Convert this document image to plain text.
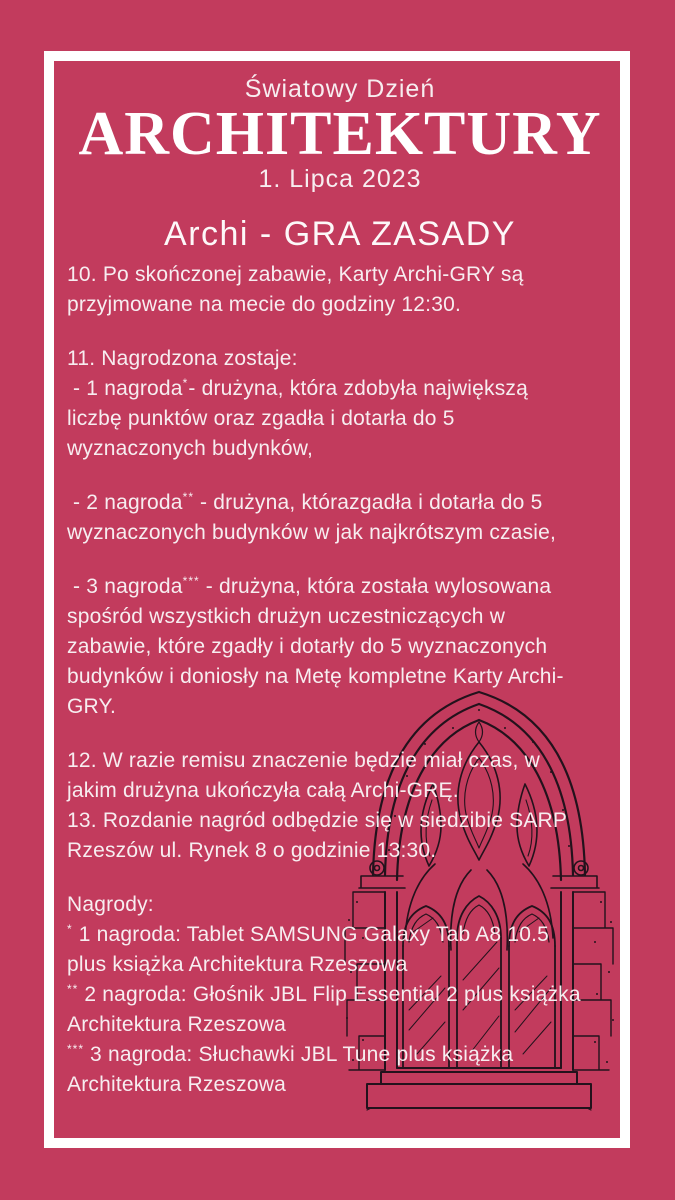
Światowy Dzień
ARCHITEKTURY
1. Lipca 2023
Archi - GRA ZASADY
10. Po skończonej zabawie, Karty Archi-GRY są
przyjmowane na mecie do godziny 12:30.
11. Nagrodzona zostaje:
- 1 nagroda*- drużyna, która zdobyła największą
liczbę punktów oraz zgadła i dotarła do 5
wyznaczonych budynków,
- 2 nagroda** - drużyna, którazgadła i dotarła do 5
wyznaczonych budynków w jak najkrótszym czasie,
- 3 nagroda*** - drużyna, która została wylosowana
spośród wszystkich drużyn uczestniczących w
zabawie, które zgadły i dotarły do 5 wyznaczonych
budynków i doniosły na Metę kompletne Karty Archi-
GRY.
12. W razie remisu znaczenie będzie miał czas, w
jakim drużyna ukończyła całą Archi-GRĘ.
13. Rozdanie nagród odbędzie się w siedzibie SARP
Rzeszów ul. Rynek 8 o godzinie 13:30.
Nagrody:
* 1 nagroda: Tablet SAMSUNG Galaxy Tab A8 10.5
plus książka Architektura Rzeszowa
** 2 nagroda: Głośnik JBL Flip Essential 2 plus książka
Architektura Rzeszowa
*** 3 nagroda: Słuchawki JBL Tune plus książka
Architektura Rzeszowa
